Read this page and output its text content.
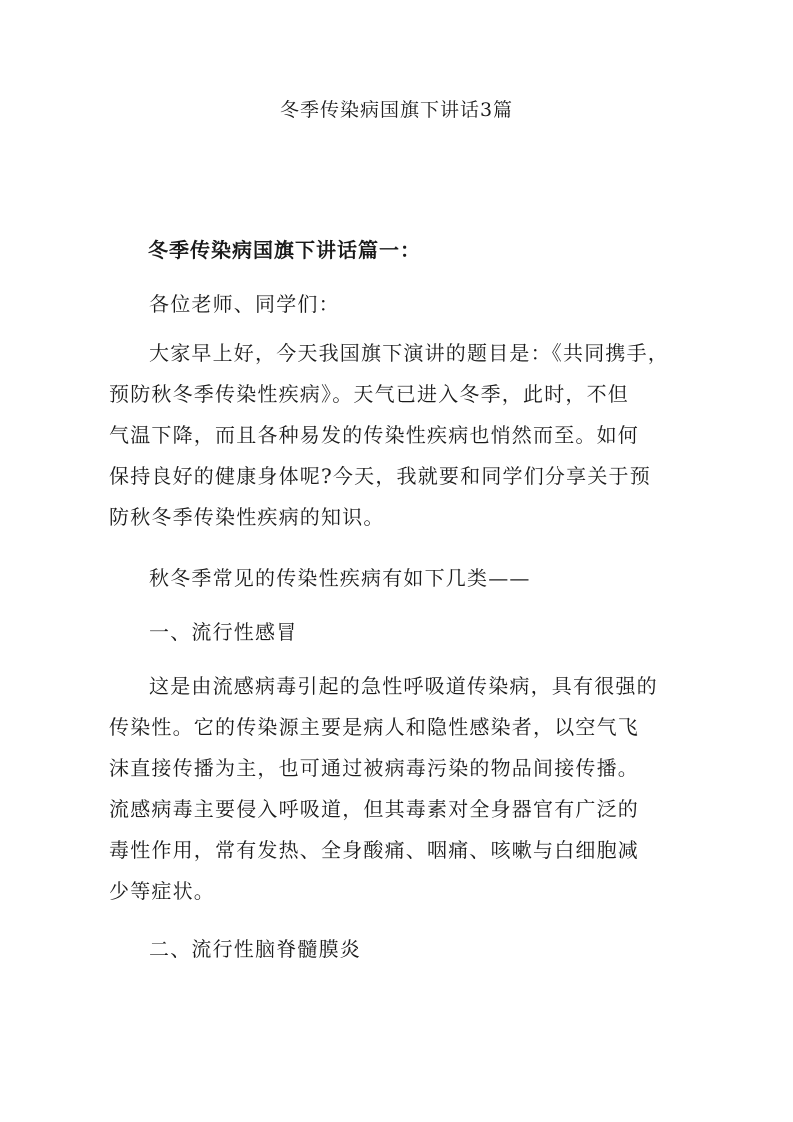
冬季传染病国旗下讲话3篇
冬季传染病国旗下讲话篇一：

各位老师、同学们：

大家早上好，今天我国旗下演讲的题目是：《共同携手，
预防秋冬季传染性疾病》。天气已进入冬季，此时，不但
气温下降，而且各种易发的传染性疾病也悄然而至。如何
保持良好的健康身体呢?今天，我就要和同学们分享关于预
防秋冬季传染性疾病的知识。

秋冬季常见的传染性疾病有如下几类——

一、流行性感冒

这是由流感病毒引起的急性呼吸道传染病，具有很强的
传染性。它的传染源主要是病人和隐性感染者，以空气飞
沫直接传播为主，也可通过被病毒污染的物品间接传播。
流感病毒主要侵入呼吸道，但其毒素对全身器官有广泛的
毒性作用，常有发热、全身酸痛、咽痛、咳嗽与白细胞减
少等症状。

二、流行性脑脊髓膜炎
